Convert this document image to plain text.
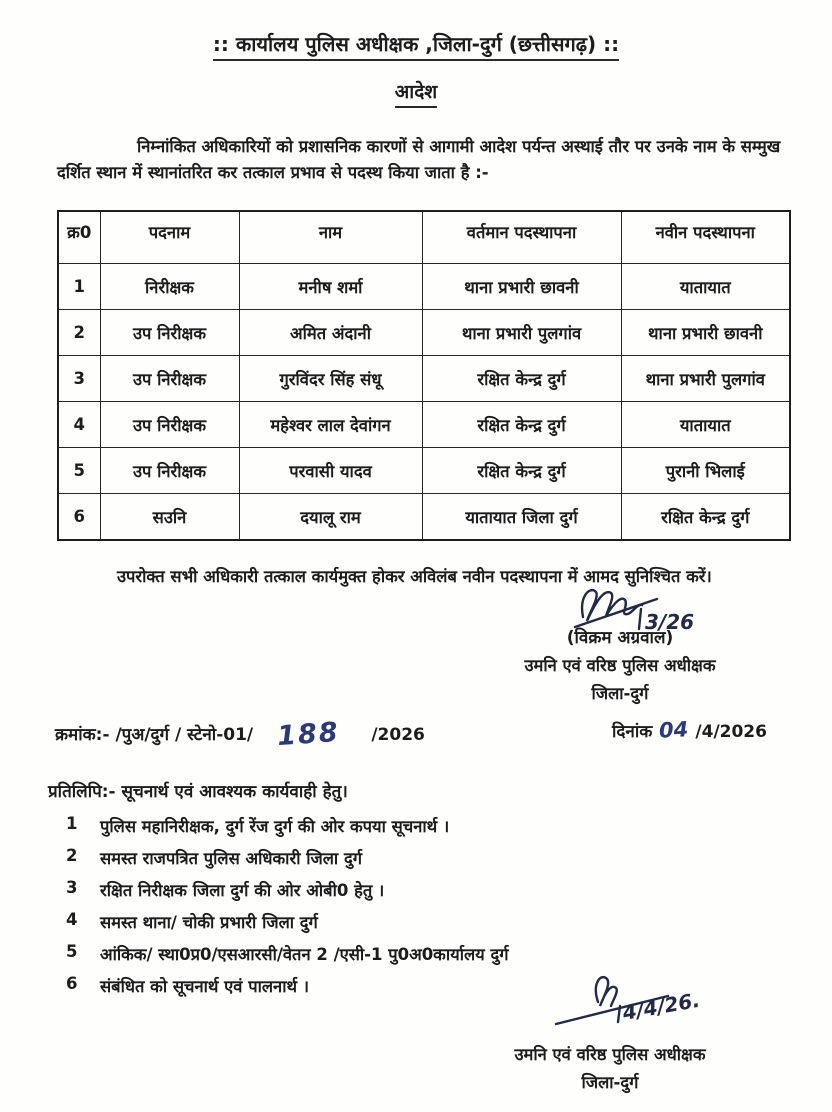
:: कार्यालय पुलिस अधीक्षक ,जिला-दुर्ग (छत्तीसगढ़) ::
आदेश

निम्नांकित अधिकारियों को प्रशासनिक कारणों से आगामी आदेश पर्यन्त अस्थाई तौर पर उनके नाम के सम्मुख दर्शित स्थान में स्थानांतरित कर तत्काल प्रभाव से पदस्थ किया जाता है :-

क्र0	पदनाम	नाम	वर्तमान पदस्थापना	नवीन पदस्थापना
1	निरीक्षक	मनीष शर्मा	थाना प्रभारी छावनी	यातायात
2	उप निरीक्षक	अमित अंदानी	थाना प्रभारी पुलगांव	थाना प्रभारी छावनी
3	उप निरीक्षक	गुरविंदर सिंह संधू	रक्षित केन्द्र दुर्ग	थाना प्रभारी पुलगांव
4	उप निरीक्षक	महेश्वर लाल देवांगन	रक्षित केन्द्र दुर्ग	यातायात
5	उप निरीक्षक	परवासी यादव	रक्षित केन्द्र दुर्ग	पुरानी भिलाई
6	सउनि	दयालू राम	यातायात जिला दुर्ग	रक्षित केन्द्र दुर्ग

उपरोक्त सभी अधिकारी तत्काल कार्यमुक्त होकर अविलंब नवीन पदस्थापना में आमद सुनिश्चित करें।

3/26
(विक्रम अग्रवाल)
उमनि एवं वरिष्ठ पुलिस अधीक्षक
जिला-दुर्ग
क्रमांक:- /पुअ/दुर्ग / स्टेनो-01/ 188 /2026	दिनांक 04 /4/2026
प्रतिलिपि:- सूचनार्थ एवं आवश्यक कार्यवाही हेतु।
1	पुलिस महानिरीक्षक, दुर्ग रेंज दुर्ग की ओर कपया सूचनार्थ ।
2	समस्त राजपत्रित पुलिस अधिकारी जिला दुर्ग
3	रक्षित निरीक्षक जिला दुर्ग की ओर ओबी0 हेतु ।
4	समस्त थाना/ चोकी प्रभारी जिला दुर्ग
5	आंकिक/ स्था0प्र0/एसआरसी/वेतन 2 /एसी-1 पु0अ0कार्यालय दुर्ग
6	संबंधित को सूचनार्थ एवं पालनार्थ ।
4/4/26.
उमनि एवं वरिष्ठ पुलिस अधीक्षक
जिला-दुर्ग
